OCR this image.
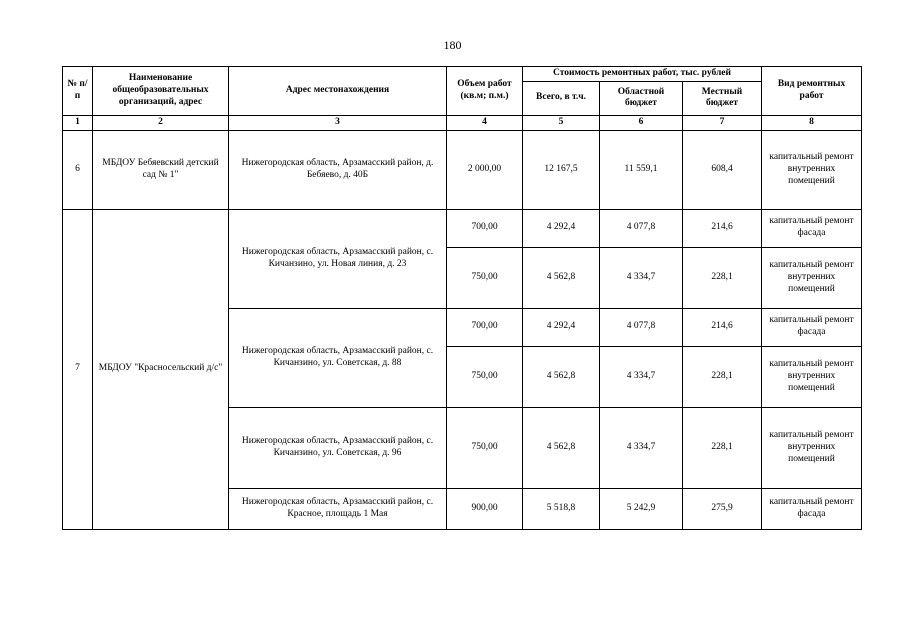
180
№ п/п	Наименование общеобразовательных организаций, адрес	Адрес местонахождения	Объем работ (кв.м; п.м.)	Стоимость ремонтных работ, тыс. рублей			Вид ремонтных работ
				Всего, в т.ч.	Областной бюджет	Местный бюджет	
1	2	3	4	5	6	7	8
6	МБДОУ Бебяевский детский сад № 1"	Нижегородская область, Арзамасский район, д. Бебяево, д. 40Б	2 000,00	12 167,5	11 559,1	608,4	капитальный ремонт внутренних помещений
7	МБДОУ "Красносельский д/с"	Нижегородская область, Арзамасский район, с. Кичанзино, ул. Новая линия, д. 23	700,00	4 292,4	4 077,8	214,6	капитальный ремонт фасада
			750,00	4 562,8	4 334,7	228,1	капитальный ремонт внутренних помещений
		Нижегородская область, Арзамасский район, с. Кичанзино, ул. Советская, д. 88	700,00	4 292,4	4 077,8	214,6	капитальный ремонт фасада
			750,00	4 562,8	4 334,7	228,1	капитальный ремонт внутренних помещений
		Нижегородская область, Арзамасский район, с. Кичанзино, ул. Советская, д. 96	750,00	4 562,8	4 334,7	228,1	капитальный ремонт внутренних помещений
		Нижегородская область, Арзамасский район, с. Красное, площадь 1 Мая	900,00	5 518,8	5 242,9	275,9	капитальный ремонт фасада
